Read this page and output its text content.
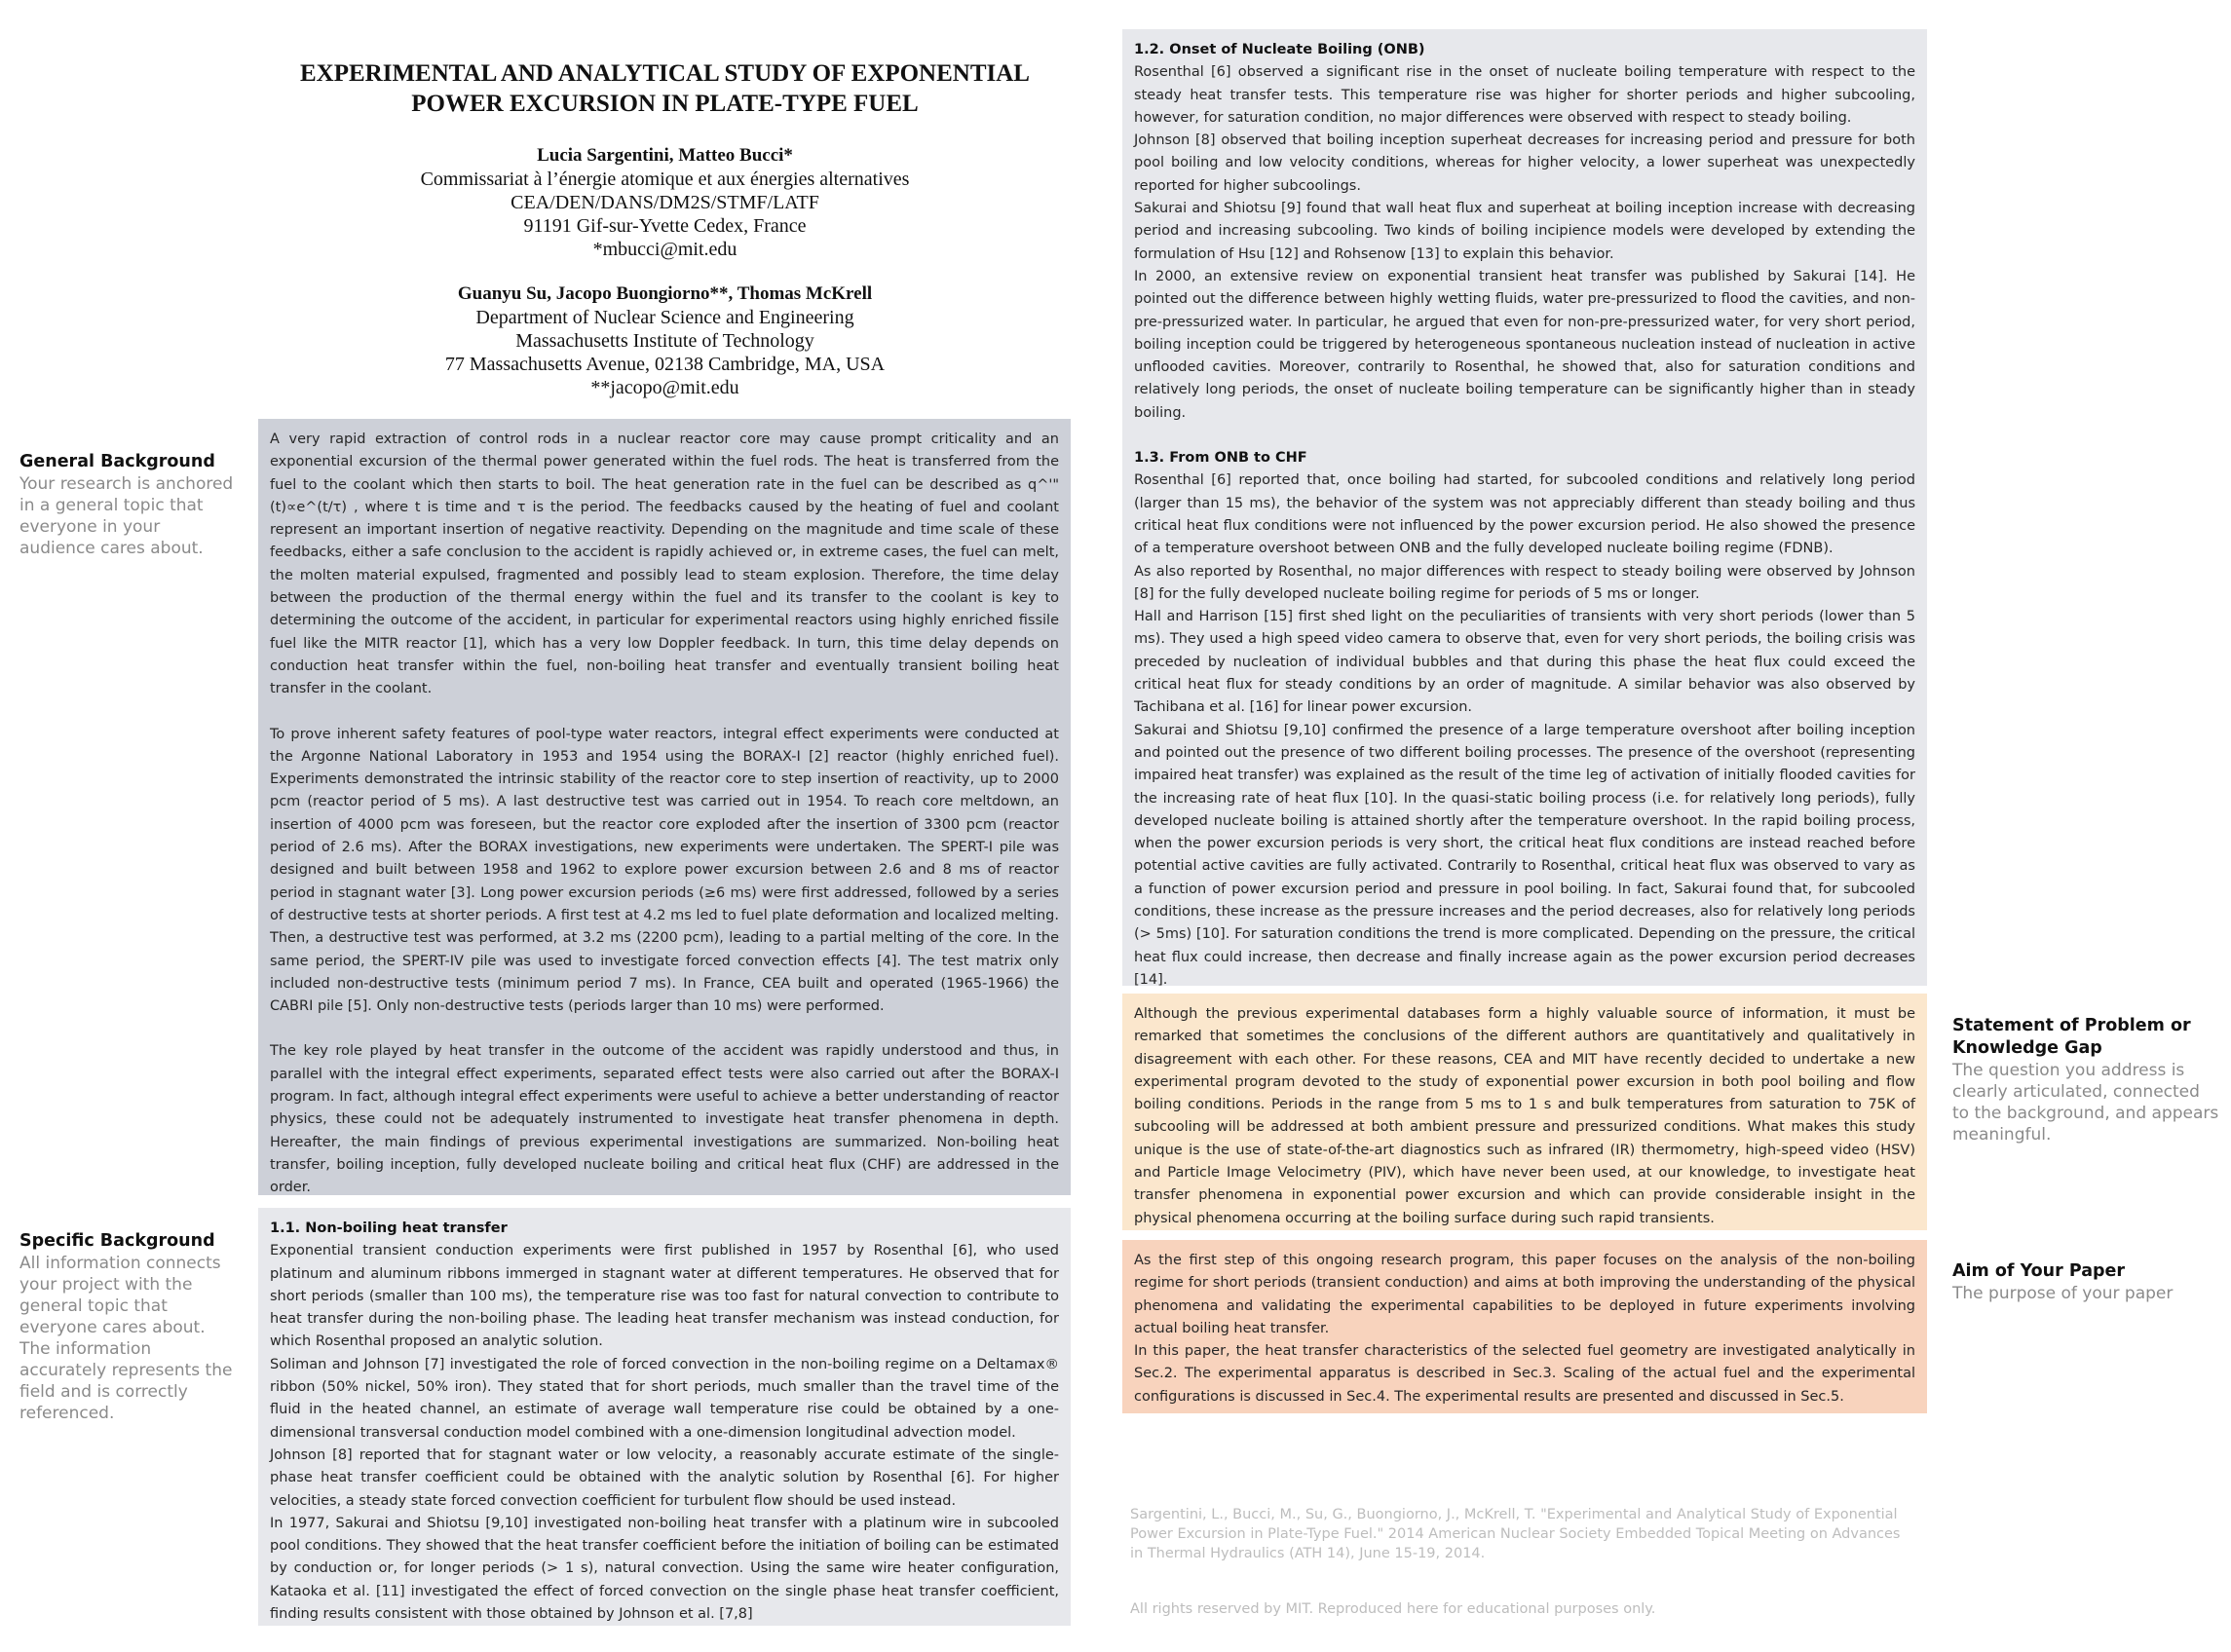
EXPERIMENTAL AND ANALYTICAL STUDY OF EXPONENTIAL
POWER EXCURSION IN PLATE-TYPE FUEL
Lucia Sargentini, Matteo Bucci*
Commissariat à l’énergie atomique et aux énergies alternatives
CEA/DEN/DANS/DM2S/STMF/LATF
91191 Gif-sur-Yvette Cedex, France
*mbucci@mit.edu
Guanyu Su, Jacopo Buongiorno**, Thomas McKrell
Department of Nuclear Science and Engineering
Massachusetts Institute of Technology
77 Massachusetts Avenue, 02138 Cambridge, MA, USA
**jacopo@mit.edu
General Background
Your research is anchored in a general topic that everyone in your audience cares about.
Specific Background
All information connects your project with the general topic that everyone cares about. The information accurately represents the field and is correctly referenced.
Statement of Problem or Knowledge Gap
The question you address is clearly articulated, connected to the background, and appears meaningful.
Aim of Your Paper
The purpose of your paper

A very rapid extraction of control rods in a nuclear reactor core may cause prompt criticality and an exponential excursion of the thermal power generated within the fuel rods. The heat is transferred from the fuel to the coolant which then starts to boil. The heat generation rate in the fuel can be described as q^'" (t)∝e^(t/τ) , where t is time and τ is the period. The feedbacks caused by the heating of fuel and coolant represent an important insertion of negative reactivity. Depending on the magnitude and time scale of these feedbacks, either a safe conclusion to the accident is rapidly achieved or, in extreme cases, the fuel can melt, the molten material expulsed, fragmented and possibly lead to steam explosion. Therefore, the time delay between the production of the thermal energy within the fuel and its transfer to the coolant is key to determining the outcome of the accident, in particular for experimental reactors using highly enriched fissile fuel like the MITR reactor [1], which has a very low Doppler feedback. In turn, this time delay depends on conduction heat transfer within the fuel, non-boiling heat transfer and eventually transient boiling heat transfer in the coolant.

To prove inherent safety features of pool-type water reactors, integral effect experiments were conducted at the Argonne National Laboratory in 1953 and 1954 using the BORAX-I [2] reactor (highly enriched fuel). Experiments demonstrated the intrinsic stability of the reactor core to step insertion of reactivity, up to 2000 pcm (reactor period of 5 ms). A last destructive test was carried out in 1954. To reach core meltdown, an insertion of 4000 pcm was foreseen, but the reactor core exploded after the insertion of 3300 pcm (reactor period of 2.6 ms). After the BORAX investigations, new experiments were undertaken. The SPERT-I pile was designed and built between 1958 and 1962 to explore power excursion between 2.6 and 8 ms of reactor period in stagnant water [3]. Long power excursion periods (≥6 ms) were first addressed, followed by a series of destructive tests at shorter periods. A first test at 4.2 ms led to fuel plate deformation and localized melting. Then, a destructive test was performed, at 3.2 ms (2200 pcm), leading to a partial melting of the core. In the same period, the SPERT-IV pile was used to investigate forced convection effects [4]. The test matrix only included non-destructive tests (minimum period 7 ms). In France, CEA built and operated (1965-1966) the CABRI pile [5]. Only non-destructive tests (periods larger than 10 ms) were performed.

The key role played by heat transfer in the outcome of the accident was rapidly understood and thus, in parallel with the integral effect experiments, separated effect tests were also carried out after the BORAX-I program. In fact, although integral effect experiments were useful to achieve a better understanding of reactor physics, these could not be adequately instrumented to investigate heat transfer phenomena in depth. Hereafter, the main findings of previous experimental investigations are summarized. Non-boiling heat transfer, boiling inception, fully developed nucleate boiling and critical heat flux (CHF) are addressed in the order.

1.1. Non-boiling heat transfer

Exponential transient conduction experiments were first published in 1957 by Rosenthal [6], who used platinum and aluminum ribbons immerged in stagnant water at different temperatures. He observed that for short periods (smaller than 100 ms), the temperature rise was too fast for natural convection to contribute to heat transfer during the non-boiling phase. The leading heat transfer mechanism was instead conduction, for which Rosenthal proposed an analytic solution.

Soliman and Johnson [7] investigated the role of forced convection in the non-boiling regime on a Deltamax® ribbon (50% nickel, 50% iron). They stated that for short periods, much smaller than the travel time of the fluid in the heated channel, an estimate of average wall temperature rise could be obtained by a one-dimensional transversal conduction model combined with a one-dimension longitudinal advection model.

Johnson [8] reported that for stagnant water or low velocity, a reasonably accurate estimate of the single-phase heat transfer coefficient could be obtained with the analytic solution by Rosenthal [6]. For higher velocities, a steady state forced convection coefficient for turbulent flow should be used instead.

In 1977, Sakurai and Shiotsu [9,10] investigated non-boiling heat transfer with a platinum wire in subcooled pool conditions. They showed that the heat transfer coefficient before the initiation of boiling can be estimated by conduction or, for longer periods (> 1 s), natural convection. Using the same wire heater configuration, Kataoka et al. [11] investigated the effect of forced convection on the single phase heat transfer coefficient, finding results consistent with those obtained by Johnson et al. [7,8]

1.2. Onset of Nucleate Boiling (ONB)

Rosenthal [6] observed a significant rise in the onset of nucleate boiling temperature with respect to the steady heat transfer tests. This temperature rise was higher for shorter periods and higher subcooling, however, for saturation condition, no major differences were observed with respect to steady boiling.

Johnson [8] observed that boiling inception superheat decreases for increasing period and pressure for both pool boiling and low velocity conditions, whereas for higher velocity, a lower superheat was unexpectedly reported for higher subcoolings.

Sakurai and Shiotsu [9] found that wall heat flux and superheat at boiling inception increase with decreasing period and increasing subcooling. Two kinds of boiling incipience models were developed by extending the formulation of Hsu [12] and Rohsenow [13] to explain this behavior.

In 2000, an extensive review on exponential transient heat transfer was published by Sakurai [14]. He pointed out the difference between highly wetting fluids, water pre-pressurized to flood the cavities, and non-pre-pressurized water. In particular, he argued that even for non-pre-pressurized water, for very short period, boiling inception could be triggered by heterogeneous spontaneous nucleation instead of nucleation in active unflooded cavities. Moreover, contrarily to Rosenthal, he showed that, also for saturation conditions and relatively long periods, the onset of nucleate boiling temperature can be significantly higher than in steady boiling.

1.3. From ONB to CHF

Rosenthal [6] reported that, once boiling had started, for subcooled conditions and relatively long period (larger than 15 ms), the behavior of the system was not appreciably different than steady boiling and thus critical heat flux conditions were not influenced by the power excursion period. He also showed the presence of a temperature overshoot between ONB and the fully developed nucleate boiling regime (FDNB).

As also reported by Rosenthal, no major differences with respect to steady boiling were observed by Johnson [8] for the fully developed nucleate boiling regime for periods of 5 ms or longer.

Hall and Harrison [15] first shed light on the peculiarities of transients with very short periods (lower than 5 ms). They used a high speed video camera to observe that, even for very short periods, the boiling crisis was preceded by nucleation of individual bubbles and that during this phase the heat flux could exceed the critical heat flux for steady conditions by an order of magnitude. A similar behavior was also observed by Tachibana et al. [16] for linear power excursion.

Sakurai and Shiotsu [9,10] confirmed the presence of a large temperature overshoot after boiling inception and pointed out the presence of two different boiling processes. The presence of the overshoot (representing impaired heat transfer) was explained as the result of the time leg of activation of initially flooded cavities for the increasing rate of heat flux [10]. In the quasi-static boiling process (i.e. for relatively long periods), fully developed nucleate boiling is attained shortly after the temperature overshoot. In the rapid boiling process, when the power excursion periods is very short, the critical heat flux conditions are instead reached before potential active cavities are fully activated. Contrarily to Rosenthal, critical heat flux was observed to vary as a function of power excursion period and pressure in pool boiling. In fact, Sakurai found that, for subcooled conditions, these increase as the pressure increases and the period decreases, also for relatively long periods (> 5ms) [10]. For saturation conditions the trend is more complicated. Depending on the pressure, the critical heat flux could increase, then decrease and finally increase again as the power excursion period decreases [14].

Although the previous experimental databases form a highly valuable source of information, it must be remarked that sometimes the conclusions of the different authors are quantitatively and qualitatively in disagreement with each other. For these reasons, CEA and MIT have recently decided to undertake a new experimental program devoted to the study of exponential power excursion in both pool boiling and flow boiling conditions. Periods in the range from 5 ms to 1 s and bulk temperatures from saturation to 75K of subcooling will be addressed at both ambient pressure and pressurized conditions. What makes this study unique is the use of state-of-the-art diagnostics such as infrared (IR) thermometry, high-speed video (HSV) and Particle Image Velocimetry (PIV), which have never been used, at our knowledge, to investigate heat transfer phenomena in exponential power excursion and which can provide considerable insight in the physical phenomena occurring at the boiling surface during such rapid transients.

As the first step of this ongoing research program, this paper focuses on the analysis of the non-boiling regime for short periods (transient conduction) and aims at both improving the understanding of the physical phenomena and validating the experimental capabilities to be deployed in future experiments involving actual boiling heat transfer.

In this paper, the heat transfer characteristics of the selected fuel geometry are investigated analytically in Sec.2. The experimental apparatus is described in Sec.3. Scaling of the actual fuel and the experimental configurations is discussed in Sec.4. The experimental results are presented and discussed in Sec.5.

Sargentini, L., Bucci, M., Su, G., Buongiorno, J., McKrell, T. "Experimental and Analytical Study of Exponential Power Excursion in Plate-Type Fuel." 2014 American Nuclear Society Embedded Topical Meeting on Advances in Thermal Hydraulics (ATH 14), June 15-19, 2014.
All rights reserved by MIT. Reproduced here for educational purposes only.
